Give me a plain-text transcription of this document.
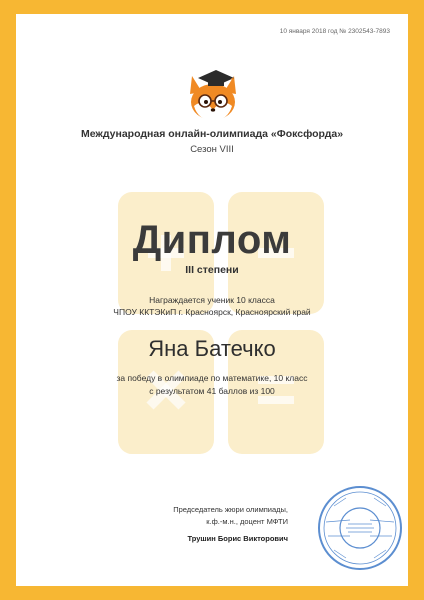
10 января 2018 год № 2302543-7893
Международная онлайн-олимпиада «Фоксфорда»
Сезон VIII
Диплом
III степени
Награждается ученик 10 класса
ЧПОУ ККТЭКиП г. Красноярск, Красноярский край
Яна Батечко
за победу в олимпиаде по математике, 10 класс
с результатом 41 баллов из 100
Председатель жюри олимпиады,
к.ф.-м.н., доцент МФТИ
Трушин Борис Викторович
